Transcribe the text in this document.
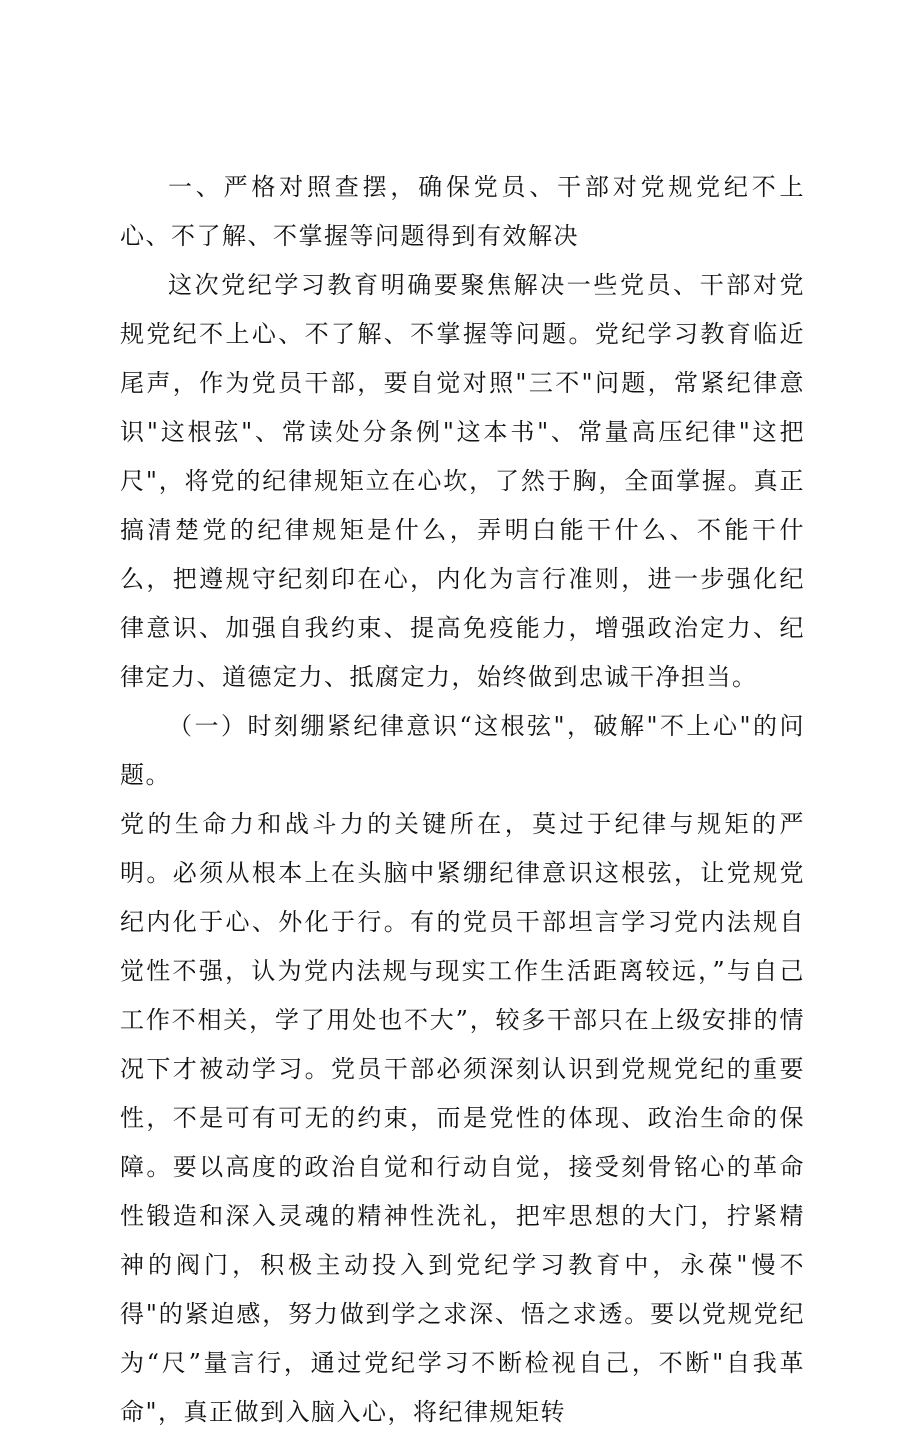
一、严格对照查摆，确保党员、干部对党规党纪不上心、不了解、不掌握等问题得到有效解决

这次党纪学习教育明确要聚焦解决一些党员、干部对党规党纪不上心、不了解、不掌握等问题。党纪学习教育临近尾声，作为党员干部，要自觉对照"三不"问题，常紧纪律意识"这根弦"、常读处分条例"这本书"、常量高压纪律"这把尺"，将党的纪律规矩立在心坎，了然于胸，全面掌握。真正搞清楚党的纪律规矩是什么，弄明白能干什么、不能干什么，把遵规守纪刻印在心，内化为言行准则，进一步强化纪律意识、加强自我约束、提高免疫能力，增强政治定力、纪律定力、道德定力、抵腐定力，始终做到忠诚干净担当。

（一）时刻绷紧纪律意识“这根弦"，破解"不上心"的问题。

党的生命力和战斗力的关键所在，莫过于纪律与规矩的严明。必须从根本上在头脑中紧绷纪律意识这根弦，让党规党纪内化于心、外化于行。有的党员干部坦言学习党内法规自觉性不强，认为党内法规与现实工作生活距离较远，”与自己工作不相关，学了用处也不大”，较多干部只在上级安排的情况下才被动学习。党员干部必须深刻认识到党规党纪的重要性，不是可有可无的约束，而是党性的体现、政治生命的保障。要以高度的政治自觉和行动自觉，接受刻骨铭心的革命性锻造和深入灵魂的精神性洗礼，把牢思想的大门，拧紧精神的阀门，积极主动投入到党纪学习教育中，永葆"慢不得"的紧迫感，努力做到学之求深、悟之求透。要以党规党纪为“尺”量言行，通过党纪学习不断检视自己，不断"自我革命"，真正做到入脑入心，将纪律规矩转
